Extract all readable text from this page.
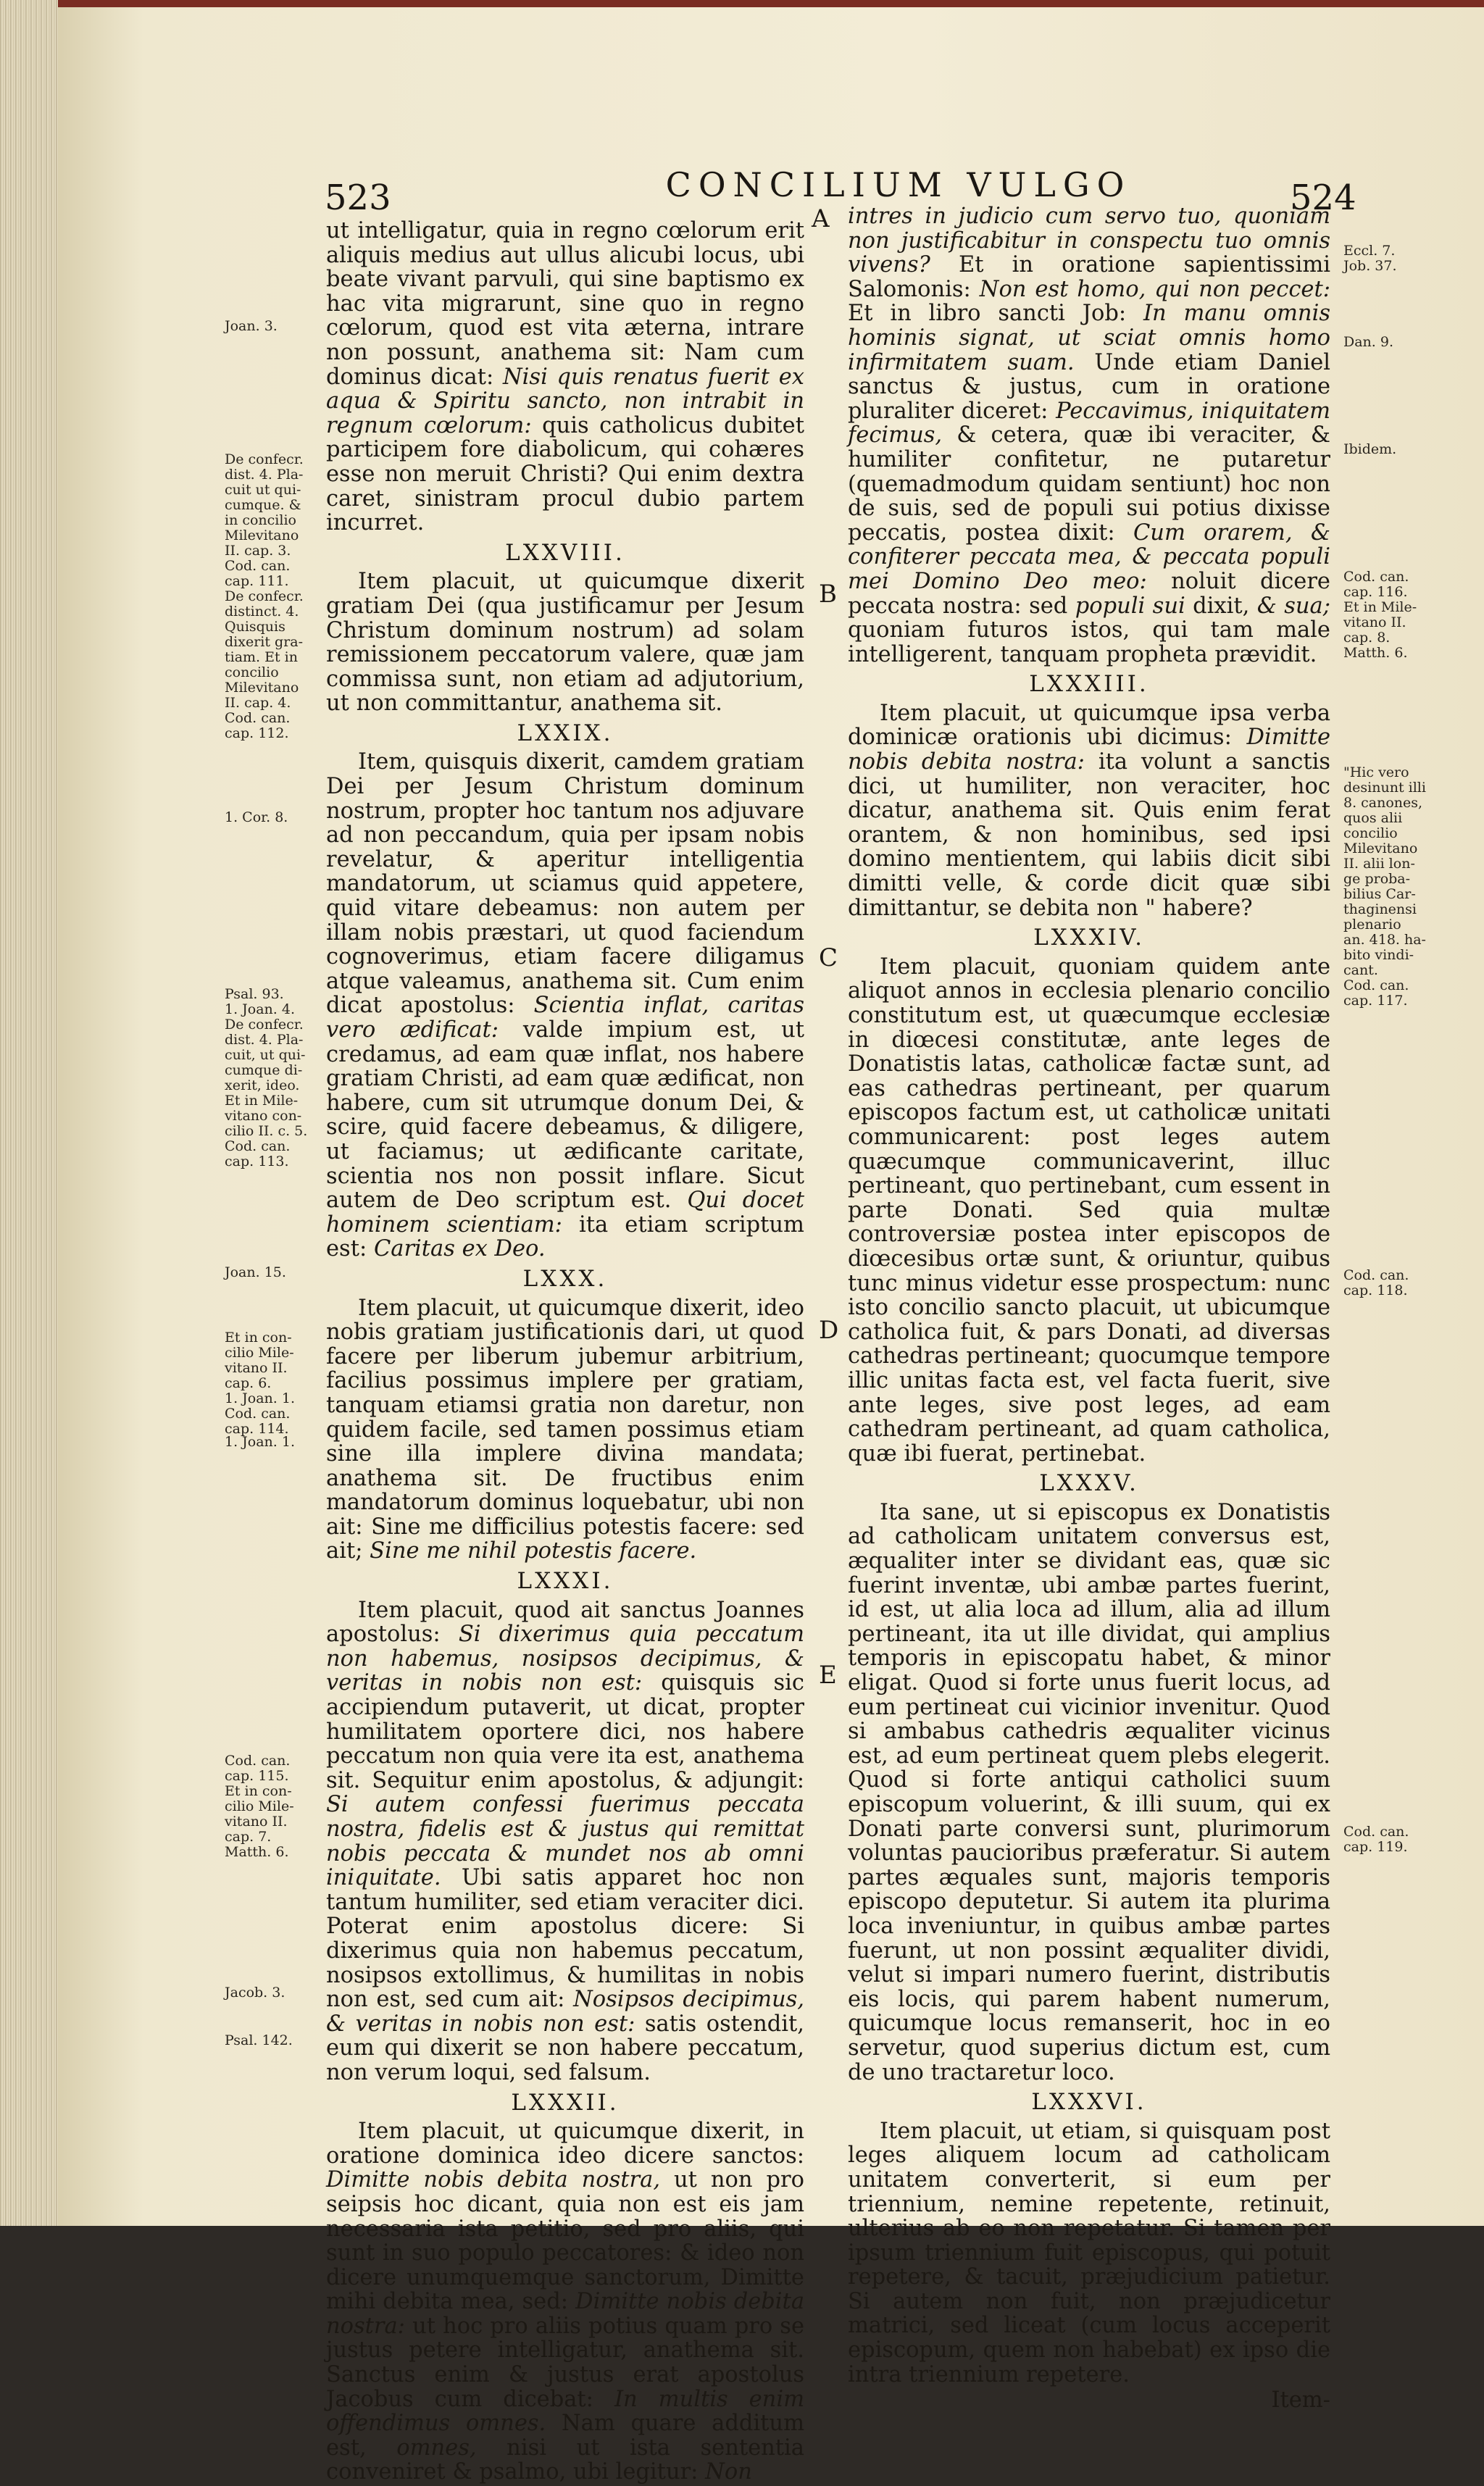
523	CONCILIUM VULGO	524
A
B
C
D
E
Joan. 3.
De confecr.
dist. 4. Pla-
cuit ut qui-
cumque. &
in concilio
Milevitano
II. cap. 3.
Cod. can.
cap. 111.
De confecr.
distinct. 4.
Quisquis
dixerit gra-
tiam. Et in
concilio
Milevitano
II. cap. 4.
Cod. can.
cap. 112.
1. Cor. 8.
Psal. 93.
1. Joan. 4.
De confecr.
dist. 4. Pla-
cuit, ut qui-
cumque di-
xerit, ideo.
Et in Mile-
vitano con-
cilio II. c. 5.
Cod. can.
cap. 113.
Joan. 15.
Et in con-
cilio Mile-
vitano II.
cap. 6.
1. Joan. 1.
Cod. can.
cap. 114.
1. Joan. 1.
Cod. can.
cap. 115.
Et in con-
cilio Mile-
vitano II.
cap. 7.
Matth. 6.
Jacob. 3.
Psal. 142.
Eccl. 7.
Job. 37.
Dan. 9.
Ibidem.
Cod. can.
cap. 116.
Et in Mile-
vitano II.
cap. 8.
Matth. 6.
"Hic vero
desinunt illi
8. canones,
quos alii
concilio
Milevitano
II. alii lon-
ge proba-
bilius Car-
thaginensi
plenario
an. 418. ha-
bito vindi-
cant.
Cod. can.
cap. 117.
Cod. can.
cap. 118.
Cod. can.
cap. 119.

ut intelligatur, quia in regno cœlorum erit aliquis medius aut ullus alicubi locus, ubi beate vivant parvuli, qui sine baptismo ex hac vita migrarunt, sine quo in regno cœlorum, quod est vita æterna, intrare non possunt, anathema sit: Nam cum dominus dicat: Nisi quis renatus fuerit ex aqua & Spiritu sancto, non intrabit in regnum cœlorum: quis catholicus dubitet participem fore diabolicum, qui cohæres esse non meruit Christi? Qui enim dextra caret, sinistram procul dubio partem incurret.

LXXVIII.

Item placuit, ut quicumque dixerit gratiam Dei (qua justificamur per Jesum Christum dominum nostrum) ad solam remissionem peccatorum valere, quæ jam commissa sunt, non etiam ad adjutorium, ut non committantur, anathema sit.

LXXIX.

Item, quisquis dixerit, camdem gratiam Dei per Jesum Christum dominum nostrum, propter hoc tantum nos adjuvare ad non peccandum, quia per ipsam nobis revelatur, & aperitur intelligentia mandatorum, ut sciamus quid appetere, quid vitare debeamus: non autem per illam nobis præstari, ut quod faciendum cognoverimus, etiam facere diligamus atque valeamus, anathema sit. Cum enim dicat apostolus: Scientia inflat, caritas vero ædificat: valde impium est, ut credamus, ad eam quæ inflat, nos habere gratiam Christi, ad eam quæ ædificat, non habere, cum sit utrumque donum Dei, & scire, quid facere debeamus, & diligere, ut faciamus; ut ædificante caritate, scientia nos non possit inflare. Sicut autem de Deo scriptum est. Qui docet hominem scientiam: ita etiam scriptum est: Caritas ex Deo.

LXXX.

Item placuit, ut quicumque dixerit, ideo nobis gratiam justificationis dari, ut quod facere per liberum jubemur arbitrium, facilius possimus implere per gratiam, tanquam etiamsi gratia non daretur, non quidem facile, sed tamen possimus etiam sine illa implere divina mandata; anathema sit. De fructibus enim mandatorum dominus loquebatur, ubi non ait: Sine me difficilius potestis facere: sed ait; Sine me nihil potestis facere.

LXXXI.

Item placuit, quod ait sanctus Joannes apostolus: Si dixerimus quia peccatum non habemus, nosipsos decipimus, & veritas in nobis non est: quisquis sic accipiendum putaverit, ut dicat, propter humilitatem oportere dici, nos habere peccatum non quia vere ita est, anathema sit. Sequitur enim apostolus, & adjungit: Si autem confessi fuerimus peccata nostra, fidelis est & justus qui remittat nobis peccata & mundet nos ab omni iniquitate. Ubi satis apparet hoc non tantum humiliter, sed etiam veraciter dici. Poterat enim apostolus dicere: Si dixerimus quia non habemus peccatum, nosipsos extollimus, & humilitas in nobis non est, sed cum ait: Nosipsos decipimus, & veritas in nobis non est: satis ostendit, eum qui dixerit se non habere peccatum, non verum loqui, sed falsum.

LXXXII.

Item placuit, ut quicumque dixerit, in oratione dominica ideo dicere sanctos: Dimitte nobis debita nostra, ut non pro seipsis hoc dicant, quia non est eis jam necessaria ista petitio, sed pro aliis, qui sunt in suo populo peccatores: & ideo non dicere unumquemque sanctorum, Dimitte mihi debita mea, sed: Dimitte nobis debita nostra: ut hoc pro aliis potius quam pro se justus petere intelligatur, anathema sit. Sanctus enim & justus erat apostolus Jacobus cum dicebat: In multis enim offendimus omnes. Nam quare additum est, omnes, nisi ut ista sententia conveniret & psalmo, ubi legitur: Non

intres in judicio cum servo tuo, quoniam non justificabitur in conspectu tuo omnis vivens? Et in oratione sapientissimi Salomonis: Non est homo, qui non peccet: Et in libro sancti Job: In manu omnis hominis signat, ut sciat omnis homo infirmitatem suam. Unde etiam Daniel sanctus & justus, cum in oratione pluraliter diceret: Peccavimus, iniquitatem fecimus, & cetera, quæ ibi veraciter, & humiliter confitetur, ne putaretur (quemadmodum quidam sentiunt) hoc non de suis, sed de populi sui potius dixisse peccatis, postea dixit: Cum orarem, & confiterer peccata mea, & peccata populi mei Domino Deo meo: noluit dicere peccata nostra: sed populi sui dixit, & sua; quoniam futuros istos, qui tam male intelligerent, tanquam propheta prævidit.

LXXXIII.

Item placuit, ut quicumque ipsa verba dominicæ orationis ubi dicimus: Dimitte nobis debita nostra: ita volunt a sanctis dici, ut humiliter, non veraciter, hoc dicatur, anathema sit. Quis enim ferat orantem, & non hominibus, sed ipsi domino mentientem, qui labiis dicit sibi dimitti velle, & corde dicit quæ sibi dimittantur, se debita non " habere?

LXXXIV.

Item placuit, quoniam quidem ante aliquot annos in ecclesia plenario concilio constitutum est, ut quæcumque ecclesiæ in diœcesi constitutæ, ante leges de Donatistis latas, catholicæ factæ sunt, ad eas cathedras pertineant, per quarum episcopos factum est, ut catholicæ unitati communicarent: post leges autem quæcumque communicaverint, illuc pertineant, quo pertinebant, cum essent in parte Donati. Sed quia multæ controversiæ postea inter episcopos de diœcesibus ortæ sunt, & oriuntur, quibus tunc minus videtur esse prospectum: nunc isto concilio sancto placuit, ut ubicumque catholica fuit, & pars Donati, ad diversas cathedras pertineant; quocumque tempore illic unitas facta est, vel facta fuerit, sive ante leges, sive post leges, ad eam cathedram pertineant, ad quam catholica, quæ ibi fuerat, pertinebat.

LXXXV.

Ita sane, ut si episcopus ex Donatistis ad catholicam unitatem conversus est, æqualiter inter se dividant eas, quæ sic fuerint inventæ, ubi ambæ partes fuerint, id est, ut alia loca ad illum, alia ad illum pertineant, ita ut ille dividat, qui amplius temporis in episcopatu habet, & minor eligat. Quod si forte unus fuerit locus, ad eum pertineat cui vicinior invenitur. Quod si ambabus cathedris æqualiter vicinus est, ad eum pertineat quem plebs elegerit. Quod si forte antiqui catholici suum episcopum voluerint, & illi suum, qui ex Donati parte conversi sunt, plurimorum voluntas paucioribus præferatur. Si autem partes æquales sunt, majoris temporis episcopo deputetur. Si autem ita plurima loca inveniuntur, in quibus ambæ partes fuerunt, ut non possint æqualiter dividi, velut si impari numero fuerint, distributis eis locis, qui parem habent numerum, quicumque locus remanserit, hoc in eo servetur, quod superius dictum est, cum de uno tractaretur loco.

LXXXVI.

Item placuit, ut etiam, si quisquam post leges aliquem locum ad catholicam unitatem converterit, si eum per triennium, nemine repetente, retinuit, ulterius ab eo non repetatur. Si tamen per ipsum triennium fuit episcopus, qui potuit repetere, & tacuit, præjudicium patietur. Si autem non fuit, non præjudicetur matrici, sed liceat (cum locus acceperit episcopum, quem non habebat) ex ipso die intra triennium repetere.

Item-
